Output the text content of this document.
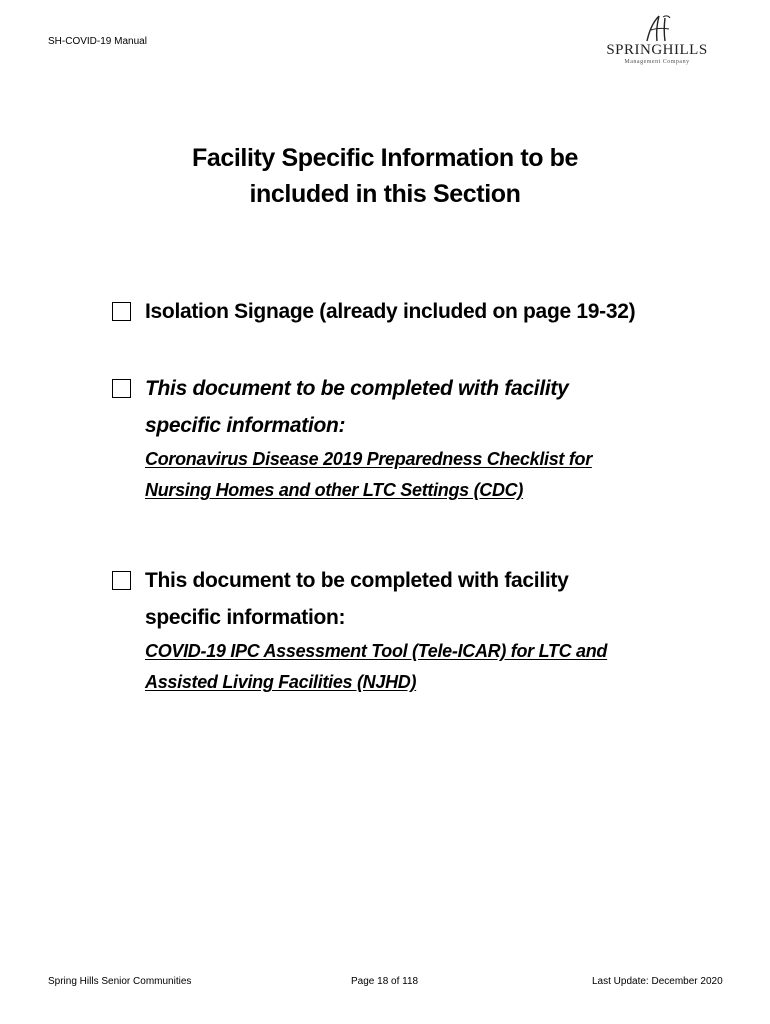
SH-COVID-19 Manual
SPRINGHILLS
Management Company
Facility Specific Information to be
included in this Section
Isolation Signage (already included on page 19-32)
This document to be completed with facility
specific information:
Coronavirus Disease 2019 Preparedness Checklist for
Nursing Homes and other LTC Settings (CDC)
This document to be completed with facility
specific information:
COVID-19 IPC Assessment Tool (Tele-ICAR) for LTC and
Assisted Living Facilities (NJHD)
Spring Hills Senior Communities	Page 18 of 118	Last Update: December 2020
